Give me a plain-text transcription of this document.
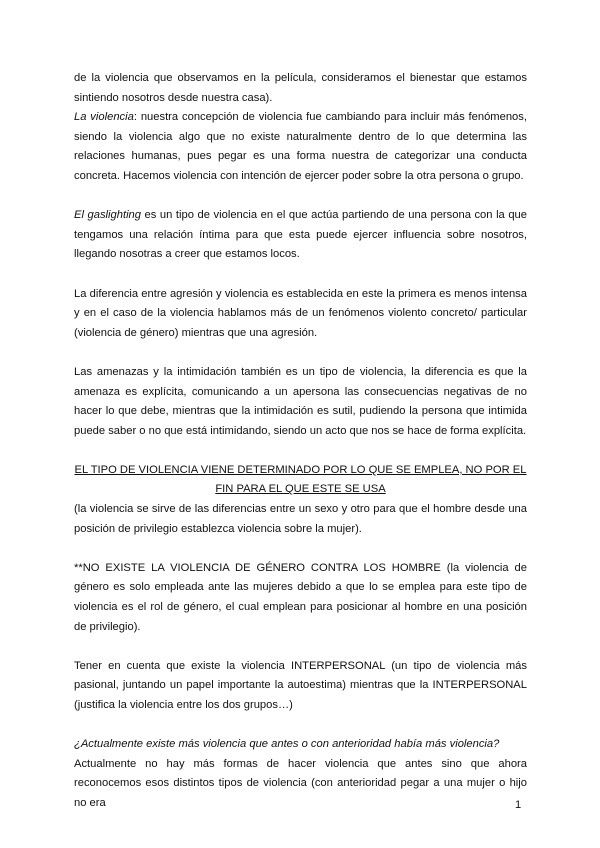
de la violencia que observamos en la película, consideramos el bienestar que estamos sintiendo nosotros desde nuestra casa).

La violencia: nuestra concepción de violencia fue cambiando para incluir más fenómenos, siendo la violencia algo que no existe naturalmente dentro de lo que determina las relaciones humanas, pues pegar es una forma nuestra de categorizar una conducta concreta. Hacemos violencia con intención de ejercer poder sobre la otra persona o grupo.

El gaslighting es un tipo de violencia en el que actúa partiendo de una persona con la que tengamos una relación íntima para que esta puede ejercer influencia sobre nosotros, llegando nosotras a creer que estamos locos.

La diferencia entre agresión y violencia es establecida en este la primera es menos intensa y en el caso de la violencia hablamos más de un fenómenos violento concreto/ particular (violencia de género) mientras que una agresión.

Las amenazas y la intimidación también es un tipo de violencia, la diferencia es que la amenaza es explícita, comunicando a un apersona las consecuencias negativas de no hacer lo que debe, mientras que la intimidación es sutil, pudiendo la persona que intimida puede saber o no que está intimidando, siendo un acto que nos se hace de forma explícita.

EL TIPO DE VIOLENCIA VIENE DETERMINADO POR LO QUE SE EMPLEA, NO POR EL FIN PARA EL QUE ESTE SE USA

(la violencia se sirve de las diferencias entre un sexo y otro para que el hombre desde una posición de privilegio establezca violencia sobre la mujer).

**NO EXISTE LA VIOLENCIA DE GÉNERO CONTRA LOS HOMBRE (la violencia de género es solo empleada ante las mujeres debido a que lo se emplea para este tipo de violencia es el rol de género, el cual emplean para posicionar al hombre en una posición de privilegio).

Tener en cuenta que existe la violencia INTERPERSONAL (un tipo de violencia más pasional, juntando un papel importante la autoestima) mientras que la INTERPERSONAL (justifica la violencia entre los dos grupos…)

¿Actualmente existe más violencia que antes o con anterioridad había más violencia?

Actualmente no hay más formas de hacer violencia que antes sino que ahora reconocemos esos distintos tipos de violencia (con anterioridad pegar a una mujer o hijo no era	1
